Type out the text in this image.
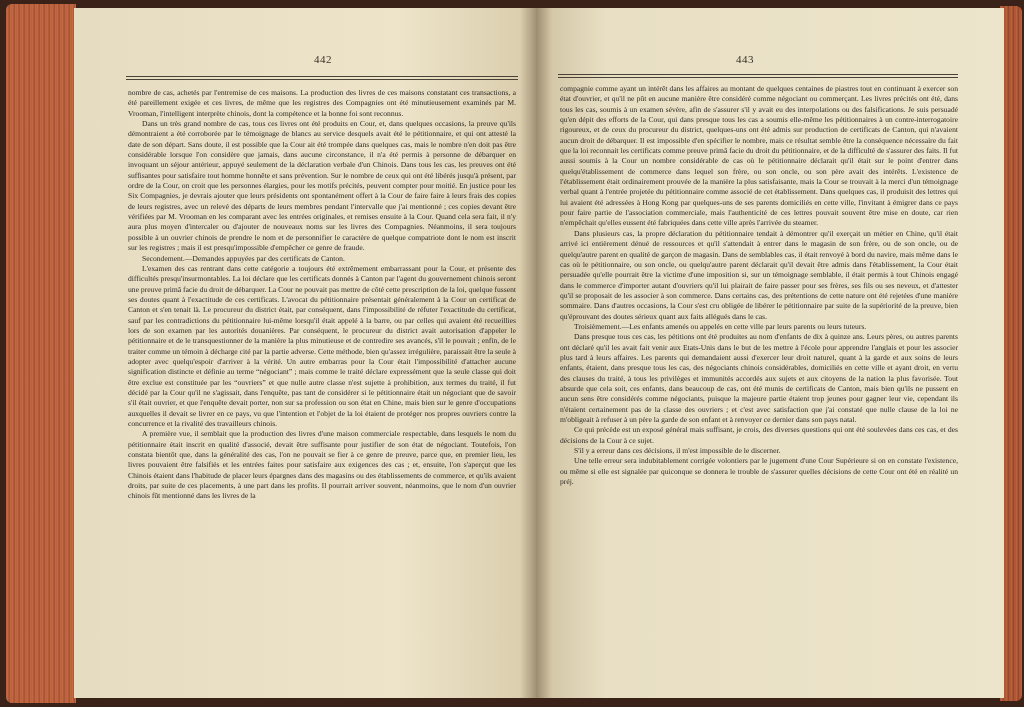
442

nombre de cas, achetés par l'entremise de ces maisons. La production des livres de ces maisons constatant ces transactions, a été pareillement exigée et ces livres, de même que les registres des Compagnies ont été minutieusement examinés par M. Vrooman, l'intelligent interprète chinois, dont la compétence et la bonne foi sont reconnus.

Dans un très grand nombre de cas, tous ces livres ont été produits en Cour, et, dans quelques occasions, la preuve qu'ils démontraient a été corroborée par le témoignage de blancs au service desquels avait été le pétitionnaire, et qui ont attesté la date de son départ. Sans doute, il est possible que la Cour ait été trompée dans quelques cas, mais le nombre n'en doit pas être considérable lorsque l'on considère que jamais, dans aucune circonstance, il n'a été permis à personne de débarquer en invoquant un séjour antérieur, appuyé seulement de la déclaration verbale d'un Chinois. Dans tous les cas, les preuves ont été suffisantes pour satisfaire tout homme honnête et sans prévention. Sur le nombre de ceux qui ont été libérés jusqu'à présent, par ordre de la Cour, on croit que les personnes élargies, pour les motifs précités, peuvent compter pour moitié. En justice pour les Six Compagnies, je devrais ajouter que leurs présidents ont spontanément offert à la Cour de faire faire à leurs frais des copies de leurs registres, avec un relevé des départs de leurs membres pendant l'intervalle que j'ai mentionné ; ces copies devant être vérifiées par M. Vrooman en les comparant avec les entrées originales, et remises ensuite à la Cour. Quand cela sera fait, il n'y aura plus moyen d'intercaler ou d'ajouter de nouveaux noms sur les livres des Compagnies. Néanmoins, il sera toujours possible à un ouvrier chinois de prendre le nom et de personnifier le caractère de quelque compatriote dont le nom est inscrit sur les registres ; mais il est presqu'impossible d'empêcher ce genre de fraude.

Secondement.—Demandes appuyées par des certificats de Canton.

L'examen des cas rentrant dans cette catégorie a toujours été extrêmement embarrassant pour la Cour, et présente des difficultés presqu'insurmontables. La loi déclare que les certificats donnés à Canton par l'agent du gouvernement chinois seront une preuve primâ facie du droit de débarquer. La Cour ne pouvait pas mettre de côté cette prescription de la loi, quelque fussent ses doutes quant à l'exactitude de ces certificats. L'avocat du pétitionnaire présentait généralement à la Cour un certificat de Canton et s'en tenait là. Le procureur du district était, par conséquent, dans l'impossibilité de réfuter l'exactitude du certificat, sauf par les contradictions du pétitionnaire lui-même lorsqu'il était appelé à la barre, ou par celles qui avaient été recueillies lors de son examen par les autorités douanières. Par conséquent, le procureur du district avait autorisation d'appeler le pétitionnaire et de le transquestionner de la manière la plus minutieuse et de contredire ses avancés, s'il le pouvait ; enfin, de le traiter comme un témoin à décharge cité par la partie adverse. Cette méthode, bien qu'assez irrégulière, paraissait être la seule à adopter avec quelqu'espoir d'arriver à la vérité. Un autre embarras pour la Cour était l'impossibilité d'attacher aucune signification distincte et définie au terme “négociant” ; mais comme le traité déclare expressément que la seule classe qui doit être exclue est constituée par les “ouvriers” et que nulle autre classe n'est sujette à prohibition, aux termes du traité, il fut décidé par la Cour qu'il ne s'agissait, dans l'enquête, pas tant de considérer si le pétitionnaire était un négociant que de savoir s'il était ouvrier, et que l'enquête devait porter, non sur sa profession ou son état en Chine, mais bien sur le genre d'occupations auxquelles il devait se livrer en ce pays, vu que l'intention et l'objet de la loi étaient de protéger nos propres ouvriers contre la concurrence et la rivalité des travailleurs chinois.

A première vue, il semblait que la production des livres d'une maison commerciale respectable, dans lesquels le nom du pétitionnaire était inscrit en qualité d'associé, devait être suffisante pour justifier de son état de négociant. Toutefois, l'on constata bientôt que, dans la généralité des cas, l'on ne pouvait se fier à ce genre de preuve, parce que, en premier lieu, les livres pouvaient être falsifiés et les entrées faites pour satisfaire aux exigences des cas ; et, ensuite, l'on s'aperçut que les Chinois étaient dans l'habitude de placer leurs épargnes dans des magasins ou des établissements de commerce, et qu'ils avaient droits, par suite de ces placements, à une part dans les profits. Il pourrait arriver souvent, néanmoins, que le nom d'un ouvrier chinois fût mentionné dans les livres de la

443

compagnie comme ayant un intérêt dans les affaires au montant de quelques centaines de piastres tout en continuant à exercer son état d'ouvrier, et qu'il ne pût en aucune manière être considéré comme négociant ou commerçant. Les livres précités ont été, dans tous les cas, soumis à un examen sévère, afin de s'assurer s'il y avait eu des interpolations ou des falsifications. Je suis persuadé qu'en dépit des efforts de la Cour, qui dans presque tous les cas a soumis elle-même les pétitionnaires à un contre-interrogatoire rigoureux, et de ceux du procureur du district, quelques-uns ont été admis sur production de certificats de Canton, qui n'avaient aucun droit de débarquer. Il est impossible d'en spécifier le nombre, mais ce résultat semble être la conséquence nécessaire du fait que la loi reconnait les certificats comme preuve primâ facie du droit du pétitionnaire, et de la difficulté de s'assurer des faits. Il fut aussi soumis à la Cour un nombre considérable de cas où le pétitionnaire déclarait qu'il était sur le point d'entrer dans quelqu'établissement de commerce dans lequel son frère, ou son oncle, ou son père avait des intérêts. L'existence de l'établissement était ordinairement prouvée de la manière la plus satisfaisante, mais la Cour se trouvait à la merci d'un témoignage verbal quant à l'entrée projetée du pétitionnaire comme associé de cet établissement. Dans quelques cas, il produisit des lettres qui lui avaient été adressées à Hong Kong par quelques-uns de ses parents domiciliés en cette ville, l'invitant à émigrer dans ce pays pour faire partie de l'association commerciale, mais l'authenticité de ces lettres pouvait souvent être mise en doute, car rien n'empêchait qu'elles eussent été fabriquées dans cette ville après l'arrivée du steamer.

Dans plusieurs cas, la propre déclaration du pétitionnaire tendait à démontrer qu'il exerçait un métier en Chine, qu'il était arrivé ici entièrement dénué de ressources et qu'il s'attendait à entrer dans le magasin de son frère, ou de son oncle, ou de quelqu'autre parent en qualité de garçon de magasin. Dans de semblables cas, il était renvoyé à bord du navire, mais même dans le cas où le pétitionnaire, ou son oncle, ou quelqu'autre parent déclarait qu'il devait être admis dans l'établissement, la Cour était persuadée qu'elle pourrait être la victime d'une imposition si, sur un témoignage semblable, il était permis à tout Chinois engagé dans le commerce d'importer autant d'ouvriers qu'il lui plairait de faire passer pour ses frères, ses fils ou ses neveux, et d'attester qu'il se proposait de les associer à son commerce. Dans certains cas, des prétentions de cette nature ont été rejetées d'une manière sommaire. Dans d'autres occasions, la Cour s'est cru obligée de libérer le pétitionnaire par suite de la supériorité de la preuve, bien qu'éprouvant des doutes sérieux quant aux faits allégués dans le cas.

Troisièmement.—Les enfants amenés ou appelés en cette ville par leurs parents ou leurs tuteurs.

Dans presque tous ces cas, les pétitions ont été produites au nom d'enfants de dix à quinze ans. Leurs pères, ou autres parents ont déclaré qu'il les avait fait venir aux Etats-Unis dans le but de les mettre à l'école pour apprendre l'anglais et pour les associer plus tard à leurs affaires. Les parents qui demandaient aussi d'exercer leur droit naturel, quant à la garde et aux soins de leurs enfants, étaient, dans presque tous les cas, des négociants chinois considérables, domiciliés en cette ville et ayant droit, en vertu des clauses du traité, à tous les privilèges et immunités accordés aux sujets et aux citoyens de la nation la plus favorisée. Tout absurde que cela soit, ces enfants, dans beaucoup de cas, ont été munis de certificats de Canton, mais bien qu'ils ne pussent en aucun sens être considérés comme négociants, puisque la majeure partie étaient trop jeunes pour gagner leur vie, cependant ils n'étaient certainement pas de la classe des ouvriers ; et c'est avec satisfaction que j'ai constaté que nulle clause de la loi ne m'obligeait à refuser à un père la garde de son enfant et à renvoyer ce dernier dans son pays natal.

Ce qui précède est un exposé général mais suffisant, je crois, des diverses questions qui ont été soulevées dans ces cas, et des décisions de la Cour à ce sujet.

S'il y a erreur dans ces décisions, il m'est impossible de le discerner.

Une telle erreur sera indubitablement corrigée volontiers par le jugement d'une Cour Supérieure si on en constate l'existence, ou même si elle est signalée par quiconque se donnera le trouble de s'assurer quelles décisions de cette Cour ont été en réalité un préj.
